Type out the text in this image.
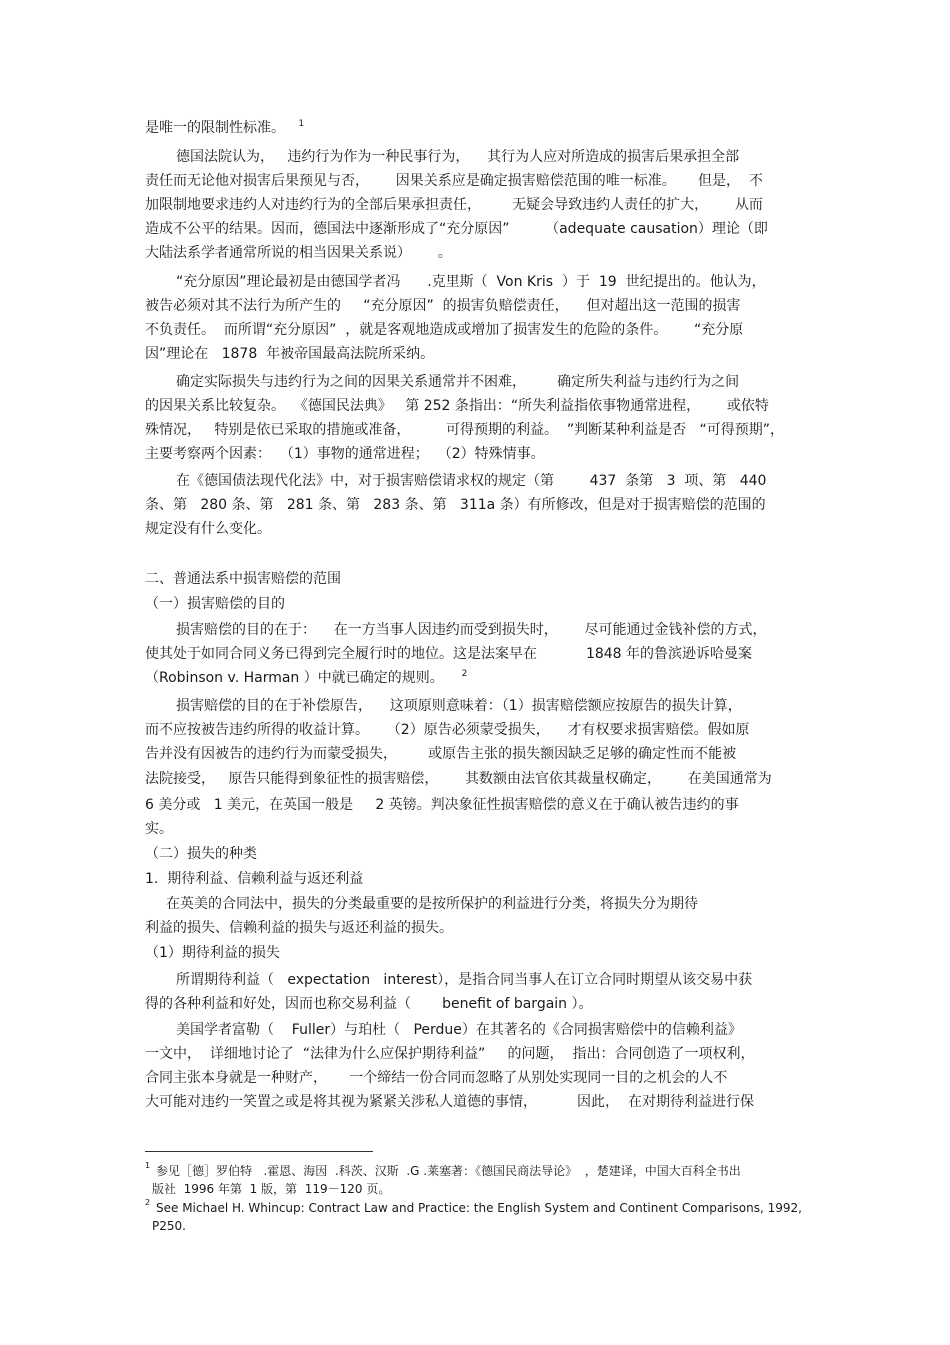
是唯一的限制性标准。 $^1$
德国法院认为，   违约行为作为一种民事行为，    其行为人应对所造成的损害后果承担全部
责任而无论他对损害后果预见与否，      因果关系应是确定损害赔偿范围的唯一标准。     但是，  不
加限制地要求违约人对违约行为的全部后果承担责任，       无疑会导致违约人责任的扩大，      从而
造成不公平的结果。因而，德国法中逐渐形成了“充分原因”        （adequate causation）理论（即
大陆法系学者通常所说的相当因果关系说）      。
“充分原因”理论最初是由德国学者冯      .克里斯（  Von Kris  ）于  19  世纪提出的。他认为，
被告必须对其不法行为所产生的     “充分原因”  的损害负赔偿责任，    但对超出这一范围的损害
不负责任。  而所谓“充分原因”  ，就是客观地造成或增加了损害发生的危险的条件。      “充分原
因”理论在   1878  年被帝国最高法院所采纳。
确定实际损失与违约行为之间的因果关系通常并不困难，       确定所失利益与违约行为之间
的因果关系比较复杂。  《德国民法典》   第 252 条指出：“所失利益指依事物通常进程，      或依特
殊情况，   特别是依已采取的措施或准备，        可得预期的利益。  ”判断某种利益是否   “可得预期”，
主要考察两个因素：  （1）事物的通常进程；  （2）特殊情事。
在《德国债法现代化法》中，对于损害赔偿请求权的规定（第        437  条第   3  项、第   440
条、第   280 条、第   281 条、第   283 条、第   311a 条）有所修改，但是对于损害赔偿的范围的
规定没有什么变化。
二、普通法系中损害赔偿的范围
（一）损害赔偿的目的
损害赔偿的目的在于：    在一方当事人因违约而受到损失时，      尽可能通过金钱补偿的方式，
使其处于如同合同义务已得到完全履行时的地位。这是法案早在           1848 年的鲁滨逊诉哈曼案
（Robinson v. Harman ）中就已确定的规则。 $^2$
损害赔偿的目的在于补偿原告，    这项原则意味着：（1）损害赔偿额应按原告的损失计算，
而不应按被告违约所得的收益计算。    （2）原告必须蒙受损失，    才有权要求损害赔偿。假如原
告并没有因被告的违约行为而蒙受损失，       或原告主张的损失额因缺乏足够的确定性而不能被
法院接受，   原告只能得到象征性的损害赔偿，      其数额由法官依其裁量权确定，      在美国通常为
6 美分或   1 美元，在英国一般是     2 英镑。判决象征性损害赔偿的意义在于确认被告违约的事
实。
（二）损失的种类
1.  期待利益、信赖利益与返还利益
在英美的合同法中，损失的分类最重要的是按所保护的利益进行分类，将损失分为期待
利益的损失、信赖利益的损失与返还利益的损失。
（1）期待利益的损失
所谓期待利益（   expectation   interest），是指合同当事人在订立合同时期望从该交易中获
得的各种利益和好处，因而也称交易利益（       benefit of bargain ）。
美国学者富勒（    Fuller）与珀杜（   Perdue）在其著名的《合同损害赔偿中的信赖利益》
一文中，  详细地讨论了  “法律为什么应保护期待利益”     的问题，  指出：合同创造了一项权利，
合同主张本身就是一种财产，     一个缔结一份合同而忽略了从别处实现同一目的之机会的人不
大可能对违约一笑置之或是将其视为紧紧关涉私人道德的事情，         因此，  在对期待利益进行保
1 参见［德］罗伯特   .霍恩、海因  .科茨、汉斯  .G .莱塞著：《德国民商法导论》  ，楚建译，中国大百科全书出
版社  1996 年第  1 版，第  119－120 页。
2 See Michael H. Whincup: Contract Law and Practice: the English System and Continent Comparisons, 1992,
P250.
